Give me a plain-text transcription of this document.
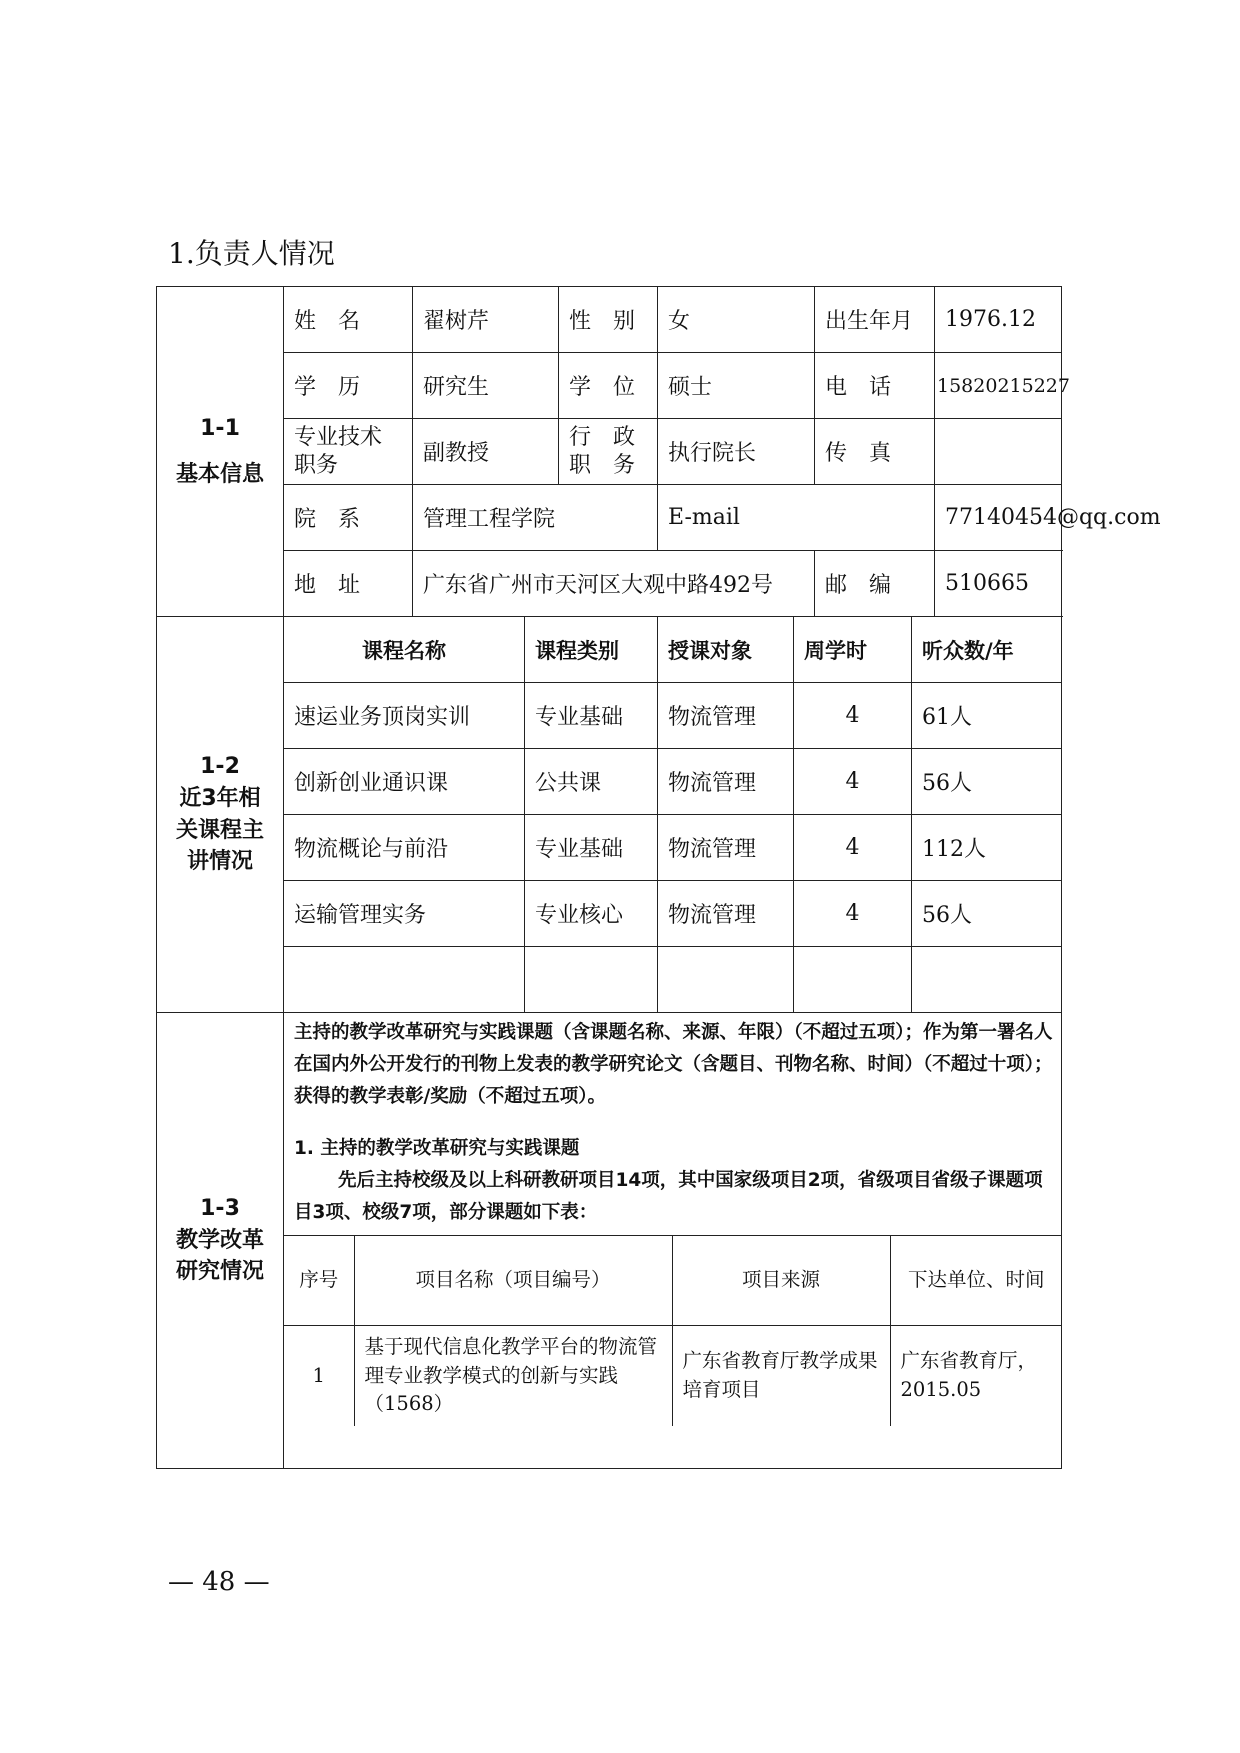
1.负责人情况
1-1
基本信息	姓　名	翟树芹	性　别	女	出生年月	1976.12
	学　历	研究生	学　位	硕士	电　话	15820215227
	专业技术职务	副教授	行　政职　务	执行院长	传　真	
	院　系	管理工程学院		E-mail		77140454@qq.com
	地　址	广东省广州市天河区大观中路492号			邮　编	510665
1-2
近3年相关课程主讲情况	课程名称	课程类别	授课对象	周学时	听众数/年
	速运业务顶岗实训	专业基础	物流管理	4	61人
	创新创业通识课	公共课	物流管理	4	56人
	物流概论与前沿	专业基础	物流管理	4	112人
	运输管理实务	专业核心	物流管理	4	56人

1-3
教学改革研究情况

主持的教学改革研究与实践课题（含课题名称、来源、年限）（不超过五项）；作为第一署名人在国内外公开发行的刊物上发表的教学研究论文（含题目、刊物名称、时间）（不超过十项）；获得的教学表彰/奖励（不超过五项）。
1. 主持的教学改革研究与实践课题
先后主持校级及以上科研教研项目14项，其中国家级项目2项，省级项目省级子课题项目3项、校级7项，部分课题如下表：
序号	项目名称（项目编号）	项目来源	下达单位、时间
1	基于现代信息化教学平台的物流管理专业教学模式的创新与实践（1568）	广东省教育厅教学成果培育项目	广东省教育厅，2015.05
— 48 —
